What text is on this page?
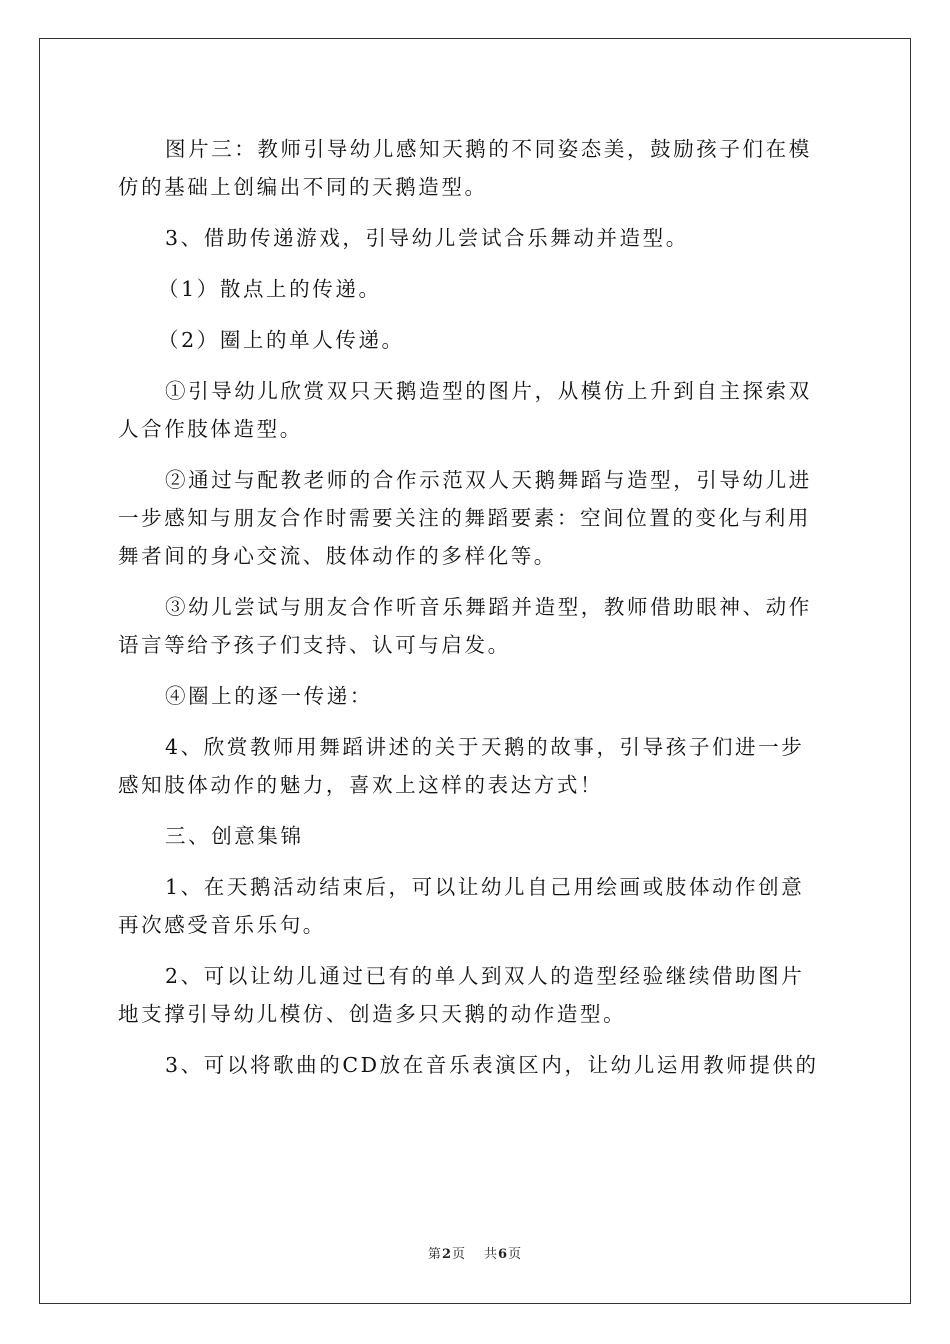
图片三：教师引导幼儿感知天鹅的不同姿态美，鼓励孩子们在模
仿的基础上创编出不同的天鹅造型。
3、借助传递游戏，引导幼儿尝试合乐舞动并造型。
（1）散点上的传递。
（2）圈上的单人传递。
①引导幼儿欣赏双只天鹅造型的图片，从模仿上升到自主探索双
人合作肢体造型。
②通过与配教老师的合作示范双人天鹅舞蹈与造型，引导幼儿进
一步感知与朋友合作时需要关注的舞蹈要素：空间位置的变化与利用
舞者间的身心交流、肢体动作的多样化等。
③幼儿尝试与朋友合作听音乐舞蹈并造型，教师借助眼神、动作
语言等给予孩子们支持、认可与启发。
④圈上的逐一传递：
4、欣赏教师用舞蹈讲述的关于天鹅的故事，引导孩子们进一步
感知肢体动作的魅力，喜欢上这样的表达方式！
三、创意集锦
1、在天鹅活动结束后，可以让幼儿自己用绘画或肢体动作创意
再次感受音乐乐句。
2、可以让幼儿通过已有的单人到双人的造型经验继续借助图片
地支撑引导幼儿模仿、创造多只天鹅的动作造型。
3、可以将歌曲的CD放在音乐表演区内，让幼儿运用教师提供的
第2页 共6页
